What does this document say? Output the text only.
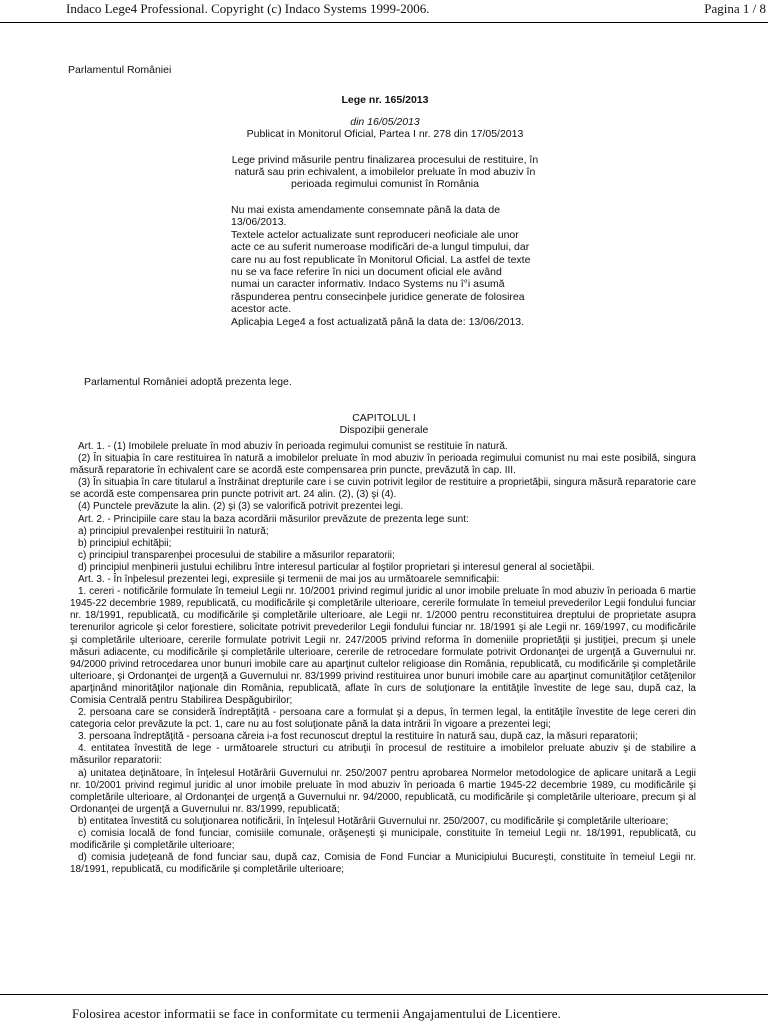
Indaco Lege4 Professional. Copyright (c) Indaco Systems 1999-2006.	Pagina 1 / 8
Parlamentul României
Lege nr. 165/2013
din 16/05/2013
Publicat in Monitorul Oficial, Partea I nr. 278 din 17/05/2013
Lege privind măsurile pentru finalizarea procesului de restituire, în natură sau prin echivalent, a imobilelor preluate în mod abuziv în perioada regimului comunist în România

Nu mai exista amendamente consemnate până la data de 13/06/2013.

Textele actelor actualizate sunt reproduceri neoficiale ale unor acte ce au suferit numeroase modificări de-a lungul timpului, dar care nu au fost republicate în Monitorul Oficial. La astfel de texte nu se va face referire în nici un document oficial ele având numai un caracter informativ. Indaco Systems nu î°i asumă răspunderea pentru consecinþele juridice generate de folosirea acestor acte.

Aplicaþia Lege4 a fost actualizată până la data de: 13/06/2013.

Parlamentul României adoptă prezenta lege.
CAPITOLUL I
Dispoziþii generale

Art. 1. - (1) Imobilele preluate în mod abuziv în perioada regimului comunist se restituie în natură.

(2) În situaþia în care restituirea în natură a imobilelor preluate în mod abuziv în perioada regimului comunist nu mai este posibilă, singura măsură reparatorie în echivalent care se acordă este compensarea prin puncte, prevăzută în cap. III.

(3) În situaþia în care titularul a înstrăinat drepturile care i se cuvin potrivit legilor de restituire a proprietăþii, singura măsură reparatorie care se acordă este compensarea prin puncte potrivit art. 24 alin. (2), (3) şi (4).

(4) Punctele prevăzute la alin. (2) şi (3) se valorifică potrivit prezentei legi.

Art. 2. - Principiile care stau la baza acordării măsurilor prevăzute de prezenta lege sunt:

a) principiul prevalenþei restituirii în natură;

b) principiul echităþii;

c) principiul transparenþei procesului de stabilire a măsurilor reparatorii;

d) principiul menþinerii justului echilibru între interesul particular al foştilor proprietari şi interesul general al societăþii.

Art. 3. - În înþelesul prezentei legi, expresiile şi termenii de mai jos au următoarele semnificaþii:

1. cereri - notificările formulate în temeiul Legii nr. 10/2001 privind regimul juridic al unor imobile preluate în mod abuziv în perioada 6 martie 1945-22 decembrie 1989, republicată, cu modificările şi completările ulterioare, cererile formulate în temeiul prevederilor Legii fondului funciar nr. 18/1991, republicată, cu modificările şi completările ulterioare, ale Legii nr. 1/2000 pentru reconstituirea dreptului de proprietate asupra terenurilor agricole şi celor forestiere, solicitate potrivit prevederilor Legii fondului funciar nr. 18/1991 şi ale Legii nr. 169/1997, cu modificările şi completările ulterioare, cererile formulate potrivit Legii nr. 247/2005 privind reforma în domeniile proprietăţii şi justiţiei, precum şi unele măsuri adiacente, cu modificările şi completările ulterioare, cererile de retrocedare formulate potrivit Ordonanţei de urgenţă a Guvernului nr. 94/2000 privind retrocedarea unor bunuri imobile care au aparţinut cultelor religioase din România, republicată, cu modificările şi completările ulterioare, şi Ordonanţei de urgenţă a Guvernului nr. 83/1999 privind restituirea unor bunuri imobile care au aparţinut comunităţilor cetăţenilor aparţinând minorităţilor naţionale din România, republicată, aflate în curs de soluţionare la entităţile învestite de lege sau, după caz, la Comisia Centrală pentru Stabilirea Despăgubirilor;

2. persoana care se consideră îndreptăţită - persoana care a formulat şi a depus, în termen legal, la entităţile învestite de lege cereri din categoria celor prevăzute la pct. 1, care nu au fost soluţionate până la data intrării în vigoare a prezentei legi;

3. persoana îndreptăţită - persoana căreia i-a fost recunoscut dreptul la restituire în natură sau, după caz, la măsuri reparatorii;

4. entitatea învestită de lege - următoarele structuri cu atribuţii în procesul de restituire a imobilelor preluate abuziv şi de stabilire a măsurilor reparatorii:

a) unitatea deţinătoare, în înţelesul Hotărârii Guvernului nr. 250/2007 pentru aprobarea Normelor metodologice de aplicare unitară a Legii nr. 10/2001 privind regimul juridic al unor imobile preluate în mod abuziv în perioada 6 martie 1945-22 decembrie 1989, cu modificările şi completările ulterioare, al Ordonanţei de urgenţă a Guvernului nr. 94/2000, republicată, cu modificările şi completările ulterioare, precum şi al Ordonanţei de urgenţă a Guvernului nr. 83/1999, republicată;

b) entitatea învestită cu soluţionarea notificării, în înţelesul Hotărârii Guvernului nr. 250/2007, cu modificările şi completările ulterioare;

c) comisia locală de fond funciar, comisiile comunale, orăşeneşti şi municipale, constituite în temeiul Legii nr. 18/1991, republicată, cu modificările şi completările ulterioare;

d) comisia judeţeană de fond funciar sau, după caz, Comisia de Fond Funciar a Municipiului Bucureşti, constituite în temeiul Legii nr. 18/1991, republicată, cu modificările şi completările ulterioare;

Folosirea acestor informatii se face in conformitate cu termenii Angajamentului de Licentiere.
